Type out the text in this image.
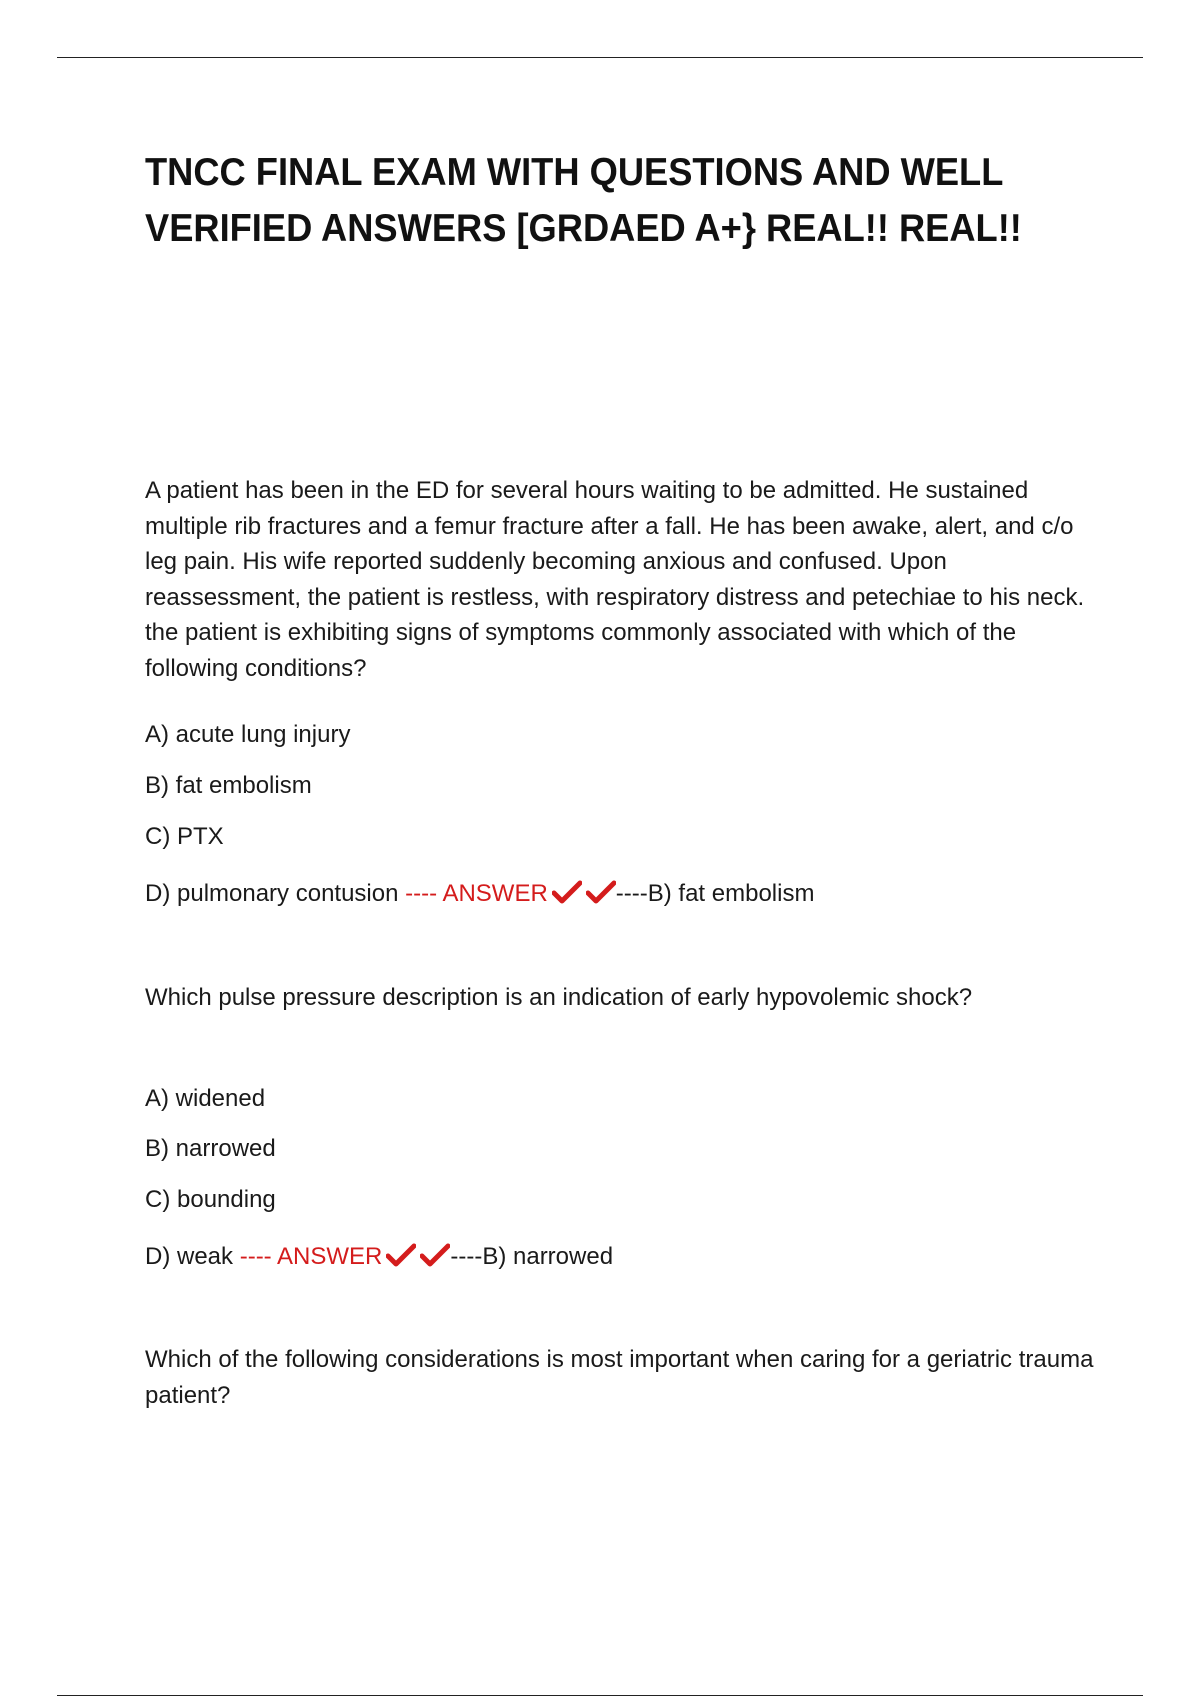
TNCC FINAL EXAM WITH QUESTIONS AND WELL VERIFIED ANSWERS [GRDAED A+} REAL!! REAL!!

A patient has been in the ED for several hours waiting to be admitted. He sustained multiple rib fractures and a femur fracture after a fall. He has been awake, alert, and c/o leg pain. His wife reported suddenly becoming anxious and confused. Upon reassessment, the patient is restless, with respiratory distress and petechiae to his neck. the patient is exhibiting signs of symptoms commonly associated with which of the following conditions?

A) acute lung injury
B) fat embolism
C) PTX
D) pulmonary contusion ---- ANSWER	----B) fat embolism

Which pulse pressure description is an indication of early hypovolemic shock?

A) widened
B) narrowed
C) bounding
D) weak ---- ANSWER	----B) narrowed

Which of the following considerations is most important when caring for a geriatric trauma patient?
